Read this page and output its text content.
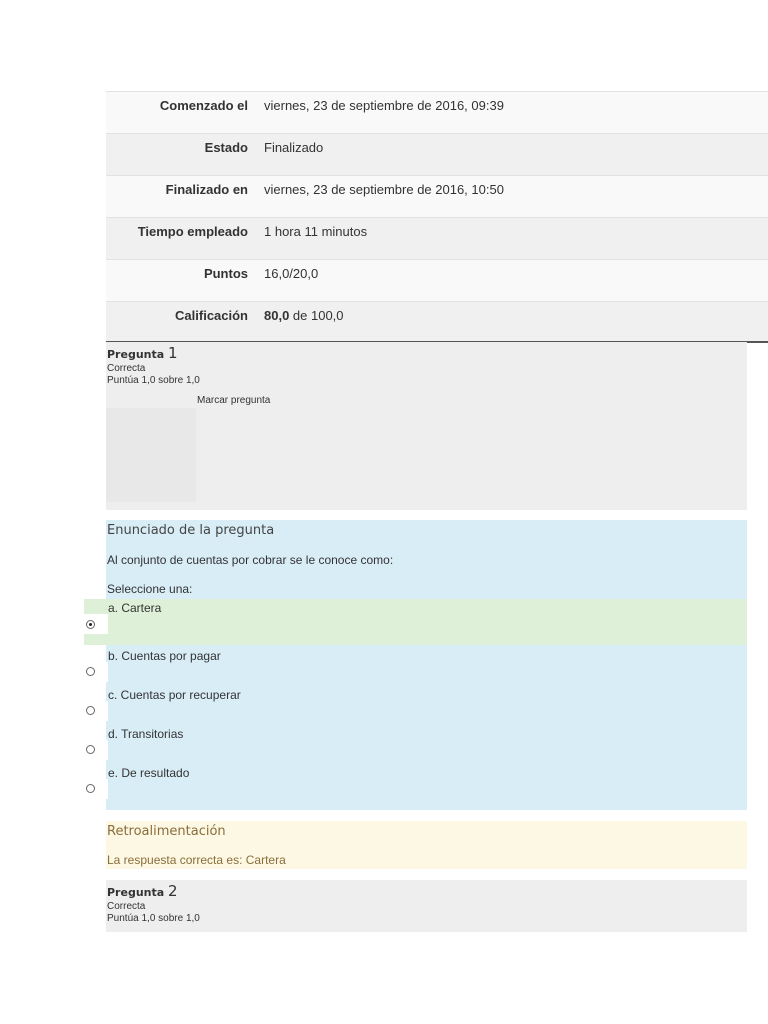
Comenzado el	viernes, 23 de septiembre de 2016, 09:39
Estado	Finalizado
Finalizado en	viernes, 23 de septiembre de 2016, 10:50
Tiempo empleado	1 hora 11 minutos
Puntos	16,0/20,0
Calificación	80,0 de 100,0
Pregunta 1
Correcta
Puntúa 1,0 sobre 1,0
Marcar pregunta
Enunciado de la pregunta
Al conjunto de cuentas por cobrar se le conoce como:
Seleccione una:
a. Cartera
b. Cuentas por pagar
c. Cuentas por recuperar
d. Transitorias
e. De resultado
Retroalimentación
La respuesta correcta es: Cartera
Pregunta 2
Correcta
Puntúa 1,0 sobre 1,0
